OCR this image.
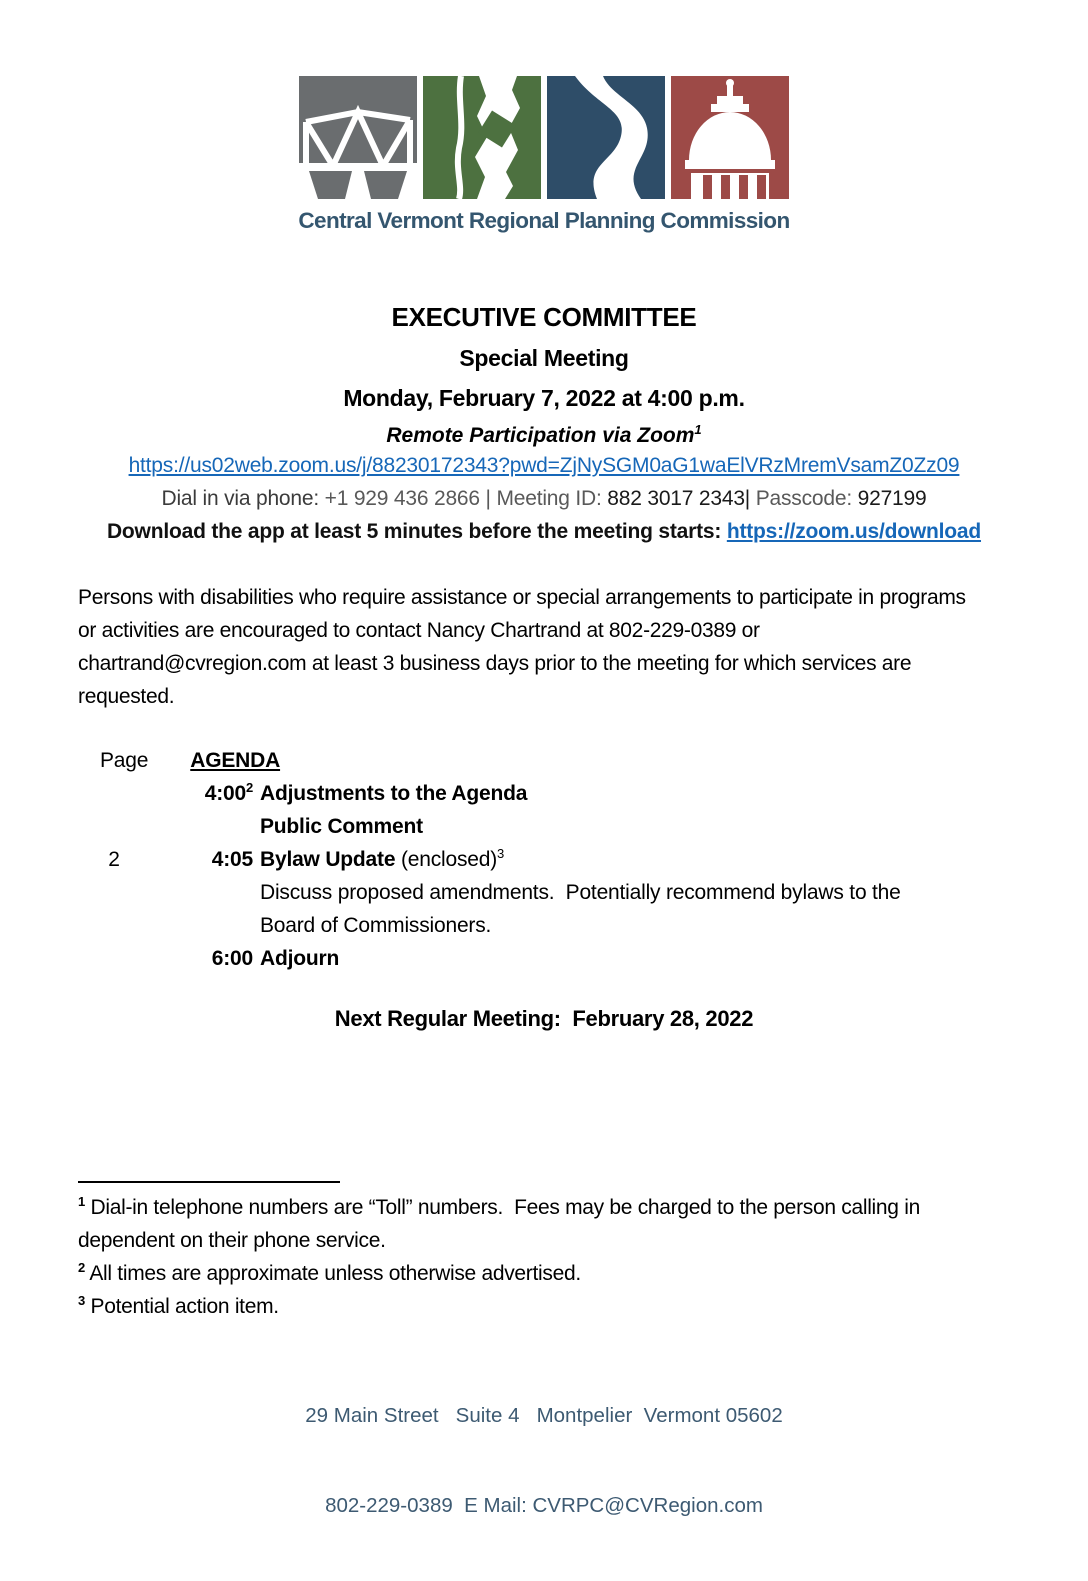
Central Vermont Regional Planning Commission
EXECUTIVE COMMITTEE
Special Meeting
Monday, February 7, 2022 at 4:00 p.m.
Remote Participation via Zoom$^1$
https://us02web.zoom.us/j/88230172343?pwd=ZjNySGM0aG1waElVRzMremVsamZ0Zz09
Dial in via phone: +1 929 436 2866 | Meeting ID: 882 3017 2343| Passcode: 927199
Download the app at least 5 minutes before the meeting starts: https://zoom.us/download
Persons with disabilities who require assistance or special arrangements to participate in programs or activities are encouraged to contact Nancy Chartrand at 802-229-0389 or chartrand@cvregion.com at least 3 business days prior to the meeting for which services are requested.
Page AGENDA
$4:00^2$ Adjustments to the Agenda
Public Comment
2	4:05 Bylaw Update (enclosed)$^3$
Discuss proposed amendments.  Potentially recommend bylaws to the Board of Commissioners.
6:00 Adjourn
Next Regular Meeting:  February 28, 2022
$^1$ Dial-in telephone numbers are “Toll” numbers.  Fees may be charged to the person calling in dependent on their phone service.
$^2$ All times are approximate unless otherwise advertised.
$^3$ Potential action item.

29 Main Street   Suite 4   Montpelier  Vermont 05602

802-229-0389  E Mail: CVRPC@CVRegion.com
